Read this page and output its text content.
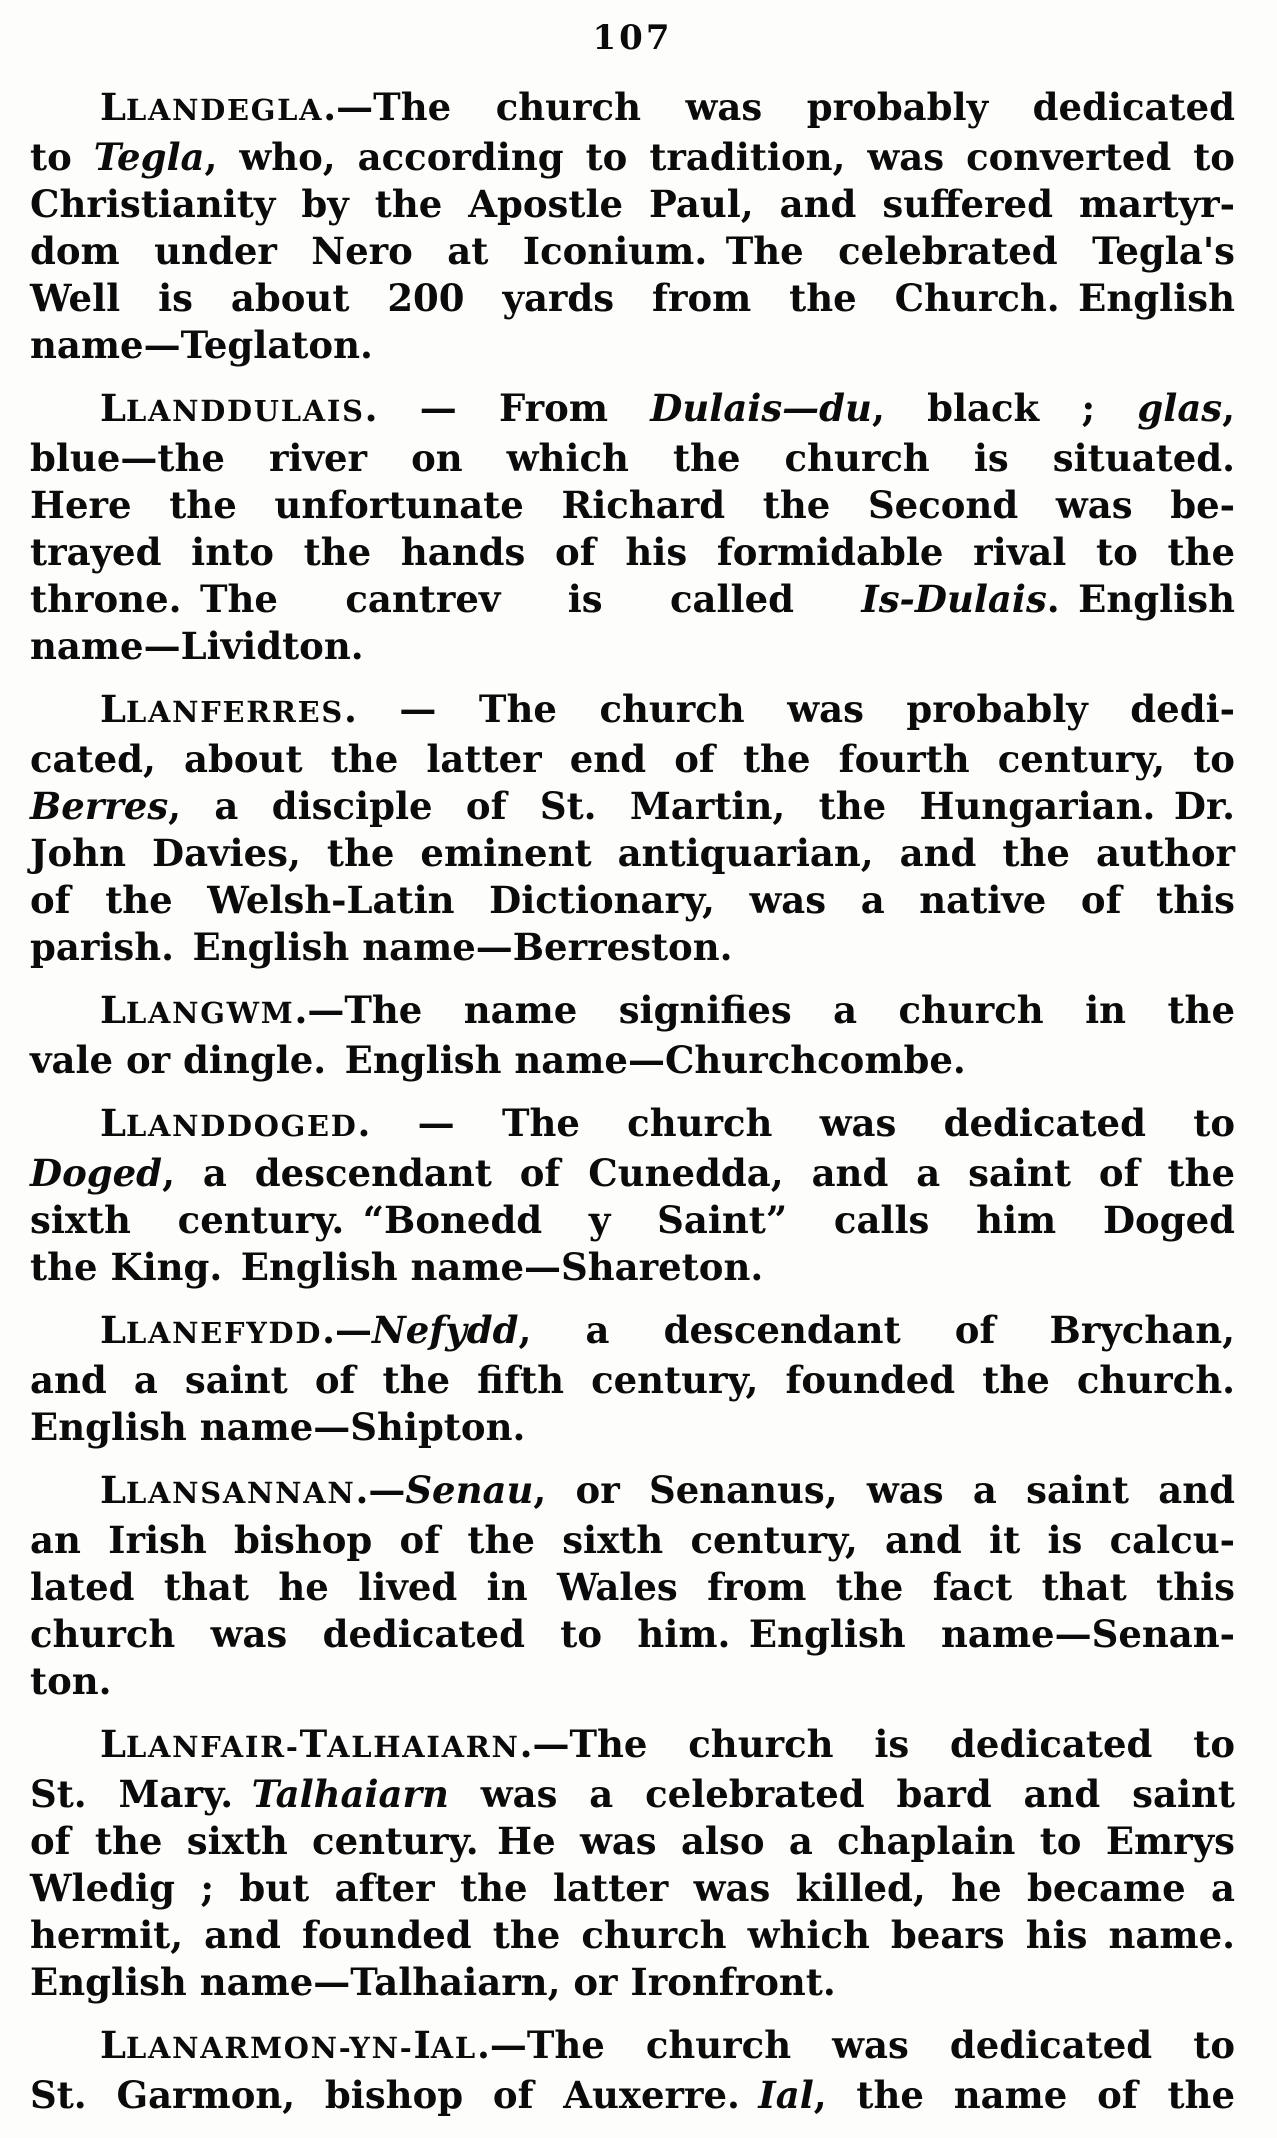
107

LLANDEGLA.—The church was probably dedicated
to Tegla, who, according to tradition, was converted to
Christianity by the Apostle Paul, and suffered martyr-
dom under Nero at Iconium. The celebrated Tegla's
Well is about 200 yards from the Church. English
name—Teglaton.

LLANDDULAIS. — From Dulais—du, black ; glas,
blue—the river on which the church is situated.
Here the unfortunate Richard the Second was be-
trayed into the hands of his formidable rival to the
throne. The cantrev is called Is-Dulais. English
name—Lividton.

LLANFERRES. — The church was probably dedi-
cated, about the latter end of the fourth century, to
Berres, a disciple of St. Martin, the Hungarian. Dr.
John Davies, the eminent antiquarian, and the author
of the Welsh-Latin Dictionary, was a native of this
parish. English name—Berreston.

LLANGWM.—The name signifies a church in the
vale or dingle. English name—Churchcombe.

LLANDDOGED. — The church was dedicated to
Doged, a descendant of Cunedda, and a saint of the
sixth century. “Bonedd y Saint” calls him Doged
the King. English name—Shareton.

LLANEFYDD.—Nefydd, a descendant of Brychan,
and a saint of the fifth century, founded the church.
English name—Shipton.

LLANSANNAN.—Senau, or Senanus, was a saint and
an Irish bishop of the sixth century, and it is calcu-
lated that he lived in Wales from the fact that this
church was dedicated to him. English name—Senan-
ton.

LLANFAIR-TALHAIARN.—The church is dedicated to
St. Mary. Talhaiarn was a celebrated bard and saint
of the sixth century. He was also a chaplain to Emrys
Wledig ; but after the latter was killed, he became a
hermit, and founded the church which bears his name.
English name—Talhaiarn, or Ironfront.

LLANARMON-YN-IAL.—The church was dedicated to
St. Garmon, bishop of Auxerre. Ial, the name of the
